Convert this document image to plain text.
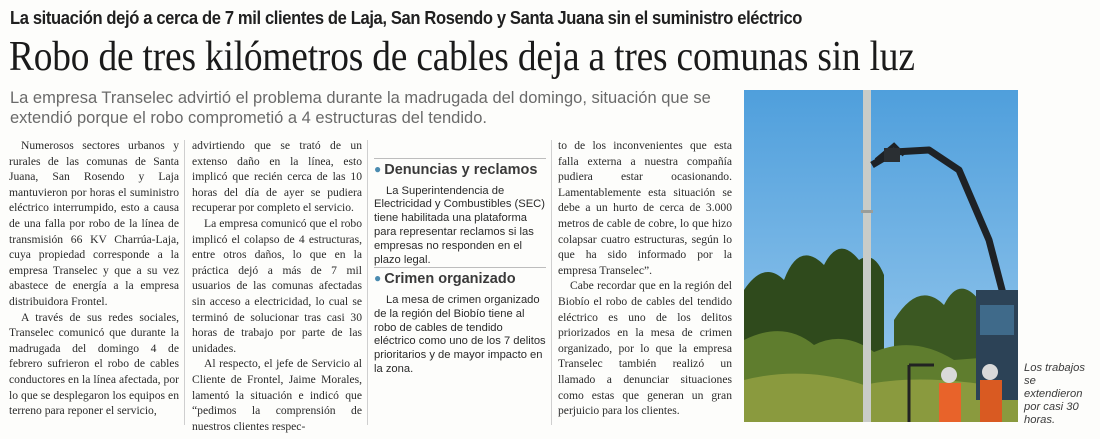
La situación dejó a cerca de 7 mil clientes de Laja, San Rosendo y Santa Juana sin el suministro eléctrico
Robo de tres kilómetros de cables deja a tres comunas sin luz
La empresa Transelec advirtió el problema durante la madrugada del domingo, situación que se extendió porque el robo comprometió a 4 estructuras del tendido.

Numerosos sectores urbanos y rurales de las comunas de Santa Juana, San Rosendo y Laja mantuvieron por horas el suministro eléctrico interrumpido, esto a causa de una falla por robo de la línea de transmisión 66 KV Charrúa-Laja, cuya propiedad corresponde a la empresa Transelec y que a su vez abastece de energía a la empresa distribuidora Frontel.

A través de sus redes sociales, Transelec comunicó que durante la madrugada del domingo 4 de febrero sufrieron el robo de cables conductores en la línea afectada, por lo que se desplegaron los equipos en terreno para reponer el servicio,

advirtiendo que se trató de un extenso daño en la línea, esto implicó que recién cerca de las 10 horas del día de ayer se pudiera recuperar por completo el servicio.

La empresa comunicó que el robo implicó el colapso de 4 estructuras, entre otros daños, lo que en la práctica dejó a más de 7 mil usuarios de las comunas afectadas sin acceso a electricidad, lo cual se terminó de solucionar tras casi 30 horas de trabajo por parte de las unidades.

Al respecto, el jefe de Servicio al Cliente de Frontel, Jaime Morales, lamentó la situación e indicó que “pedimos la comprensión de nuestros clientes respec-

● Denuncias y reclamos

La Superintendencia de Electricidad y Combustibles (SEC) tiene habilitada una plataforma para representar reclamos si las empresas no responden en el plazo legal.

● Crimen organizado

La mesa de crimen organizado de la región del Biobío tiene al robo de cables de tendido eléctrico como uno de los 7 delitos prioritarios y de mayor impacto en la zona.

to de los inconvenientes que esta falla externa a nuestra compañía pudiera estar ocasionando. Lamentablemente esta situación se debe a un hurto de cerca de 3.000 metros de cable de cobre, lo que hizo colapsar cuatro estructuras, según lo que ha sido informado por la empresa Transelec”.

Cabe recordar que en la región del Biobío el robo de cables del tendido eléctrico es uno de los delitos priorizados en la mesa de crimen organizado, por lo que la empresa Transelec también realizó un llamado a denunciar situaciones como estas que generan un gran perjuicio para los clientes.

Los trabajos se extendieron por casi 30 horas.
